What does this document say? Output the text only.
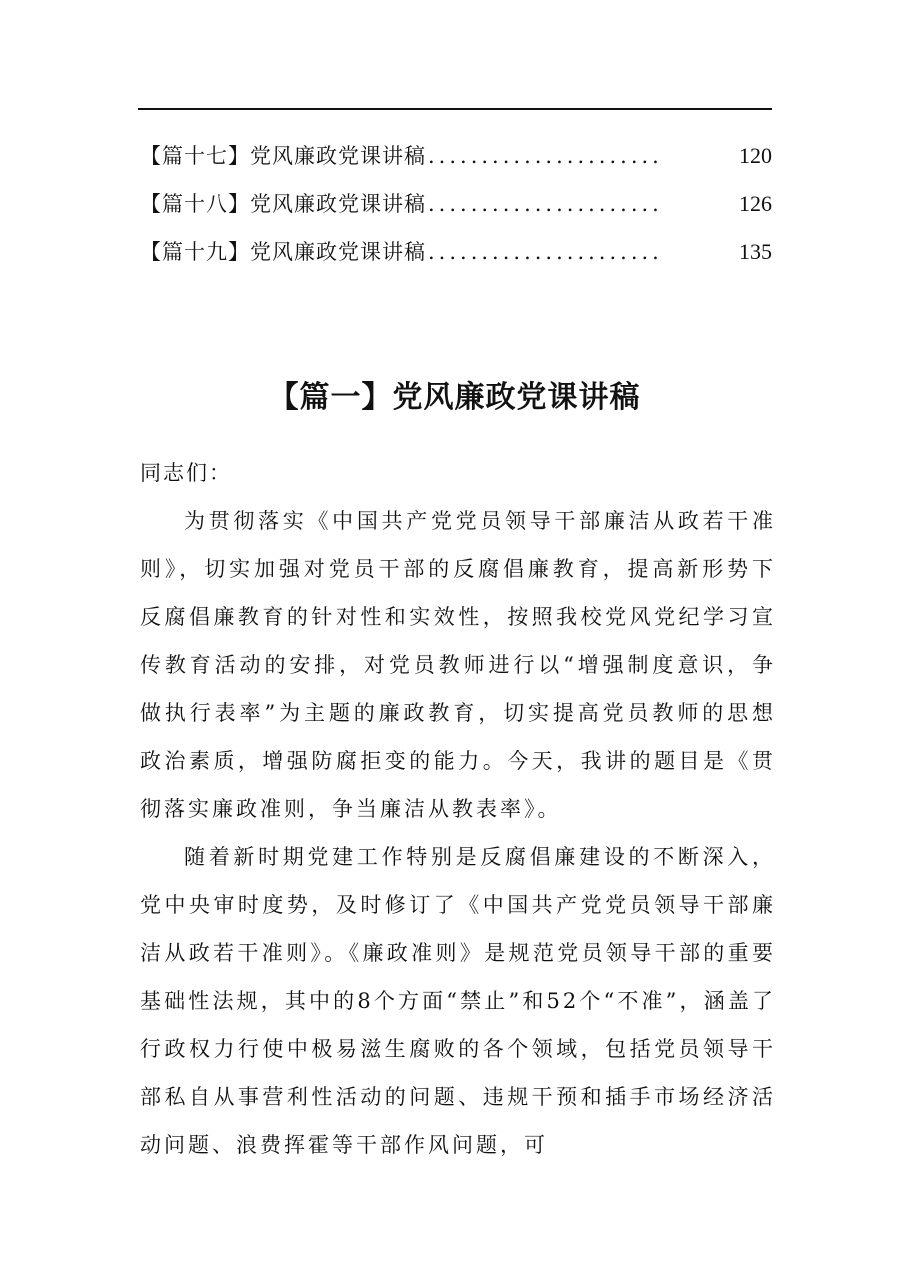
【篇十七】党风廉政党课讲稿 ......................	120
【篇十八】党风廉政党课讲稿 ......................	126
【篇十九】党风廉政党课讲稿 ......................	135
【篇一】党风廉政党课讲稿

同志们：

为贯彻落实《中国共产党党员领导干部廉洁从政若干准则》，切实加强对党员干部的反腐倡廉教育，提高新形势下反腐倡廉教育的针对性和实效性，按照我校党风党纪学习宣传教育活动的安排，对党员教师进行以“增强制度意识，争做执行表率”为主题的廉政教育，切实提高党员教师的思想政治素质，增强防腐拒变的能力。今天，我讲的题目是《贯彻落实廉政准则，争当廉洁从教表率》。

随着新时期党建工作特别是反腐倡廉建设的不断深入，党中央审时度势，及时修订了《中国共产党党员领导干部廉洁从政若干准则》。《廉政准则》是规范党员领导干部的重要基础性法规，其中的8个方面“禁止”和52个“不准”，涵盖了行政权力行使中极易滋生腐败的各个领域，包括党员领导干部私自从事营利性活动的问题、违规干预和插手市场经济活动问题、浪费挥霍等干部作风问题，可
